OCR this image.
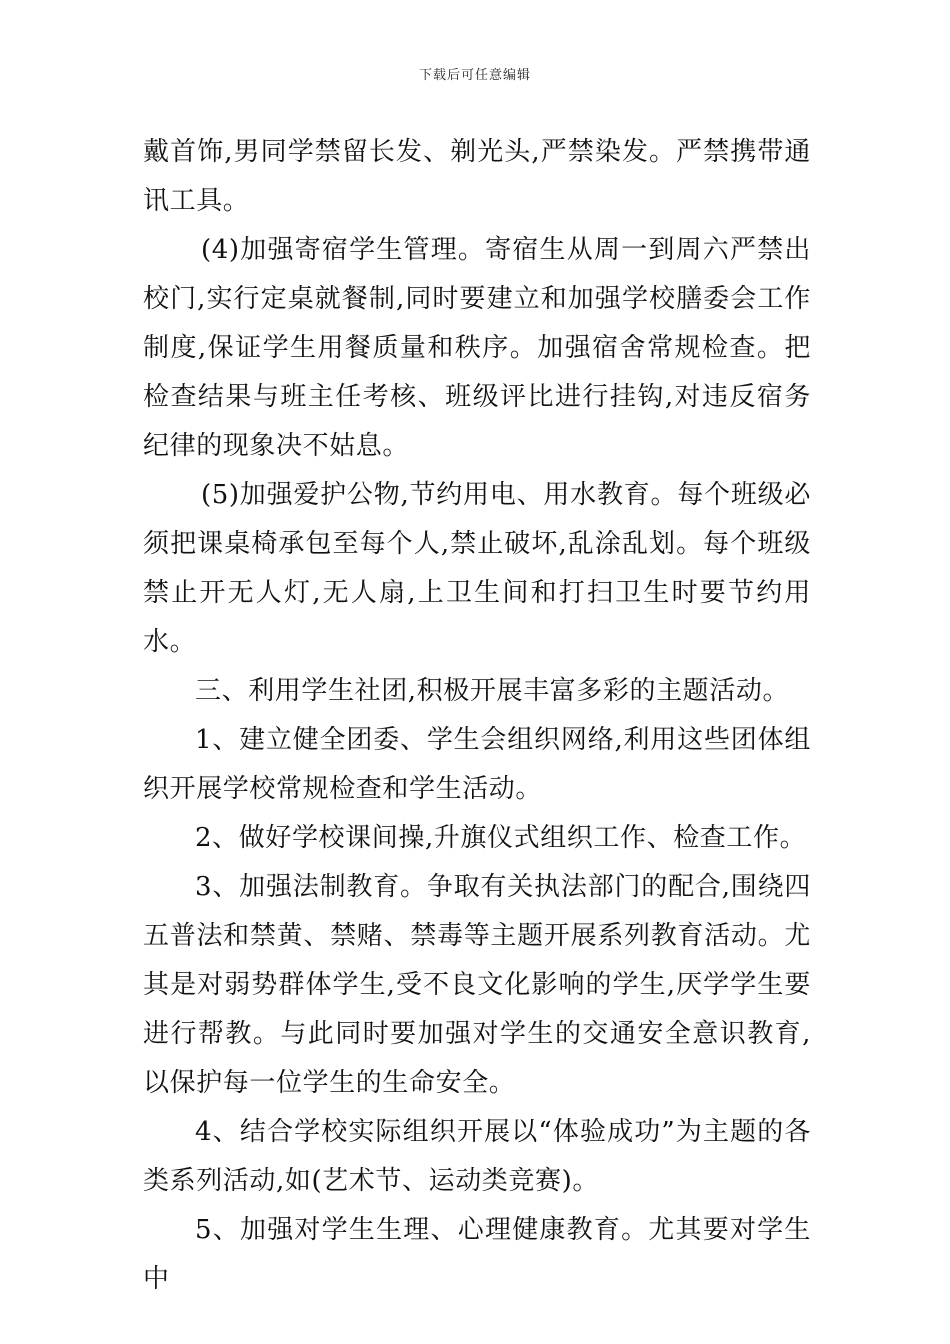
下载后可任意编辑

戴首饰,男同学禁留长发、剃光头,严禁染发。严禁携带通讯工具。

(4)加强寄宿学生管理。寄宿生从周一到周六严禁出校门,实行定桌就餐制,同时要建立和加强学校膳委会工作制度,保证学生用餐质量和秩序。加强宿舍常规检查。把检查结果与班主任考核、班级评比进行挂钩,对违反宿务纪律的现象决不姑息。

(5)加强爱护公物,节约用电、用水教育。每个班级必须把课桌椅承包至每个人,禁止破坏,乱涂乱划。每个班级禁止开无人灯,无人扇,上卫生间和打扫卫生时要节约用水。

三、利用学生社团,积极开展丰富多彩的主题活动。

1、建立健全团委、学生会组织网络,利用这些团体组织开展学校常规检查和学生活动。

2、做好学校课间操,升旗仪式组织工作、检查工作。

3、加强法制教育。争取有关执法部门的配合,围绕四五普法和禁黄、禁赌、禁毒等主题开展系列教育活动。尤其是对弱势群体学生,受不良文化影响的学生,厌学学生要进行帮教。与此同时要加强对学生的交通安全意识教育,以保护每一位学生的生命安全。

4、结合学校实际组织开展以“体验成功”为主题的各类系列活动,如(艺术节、运动类竞赛)。

5、加强对学生生理、心理健康教育。尤其要对学生中
